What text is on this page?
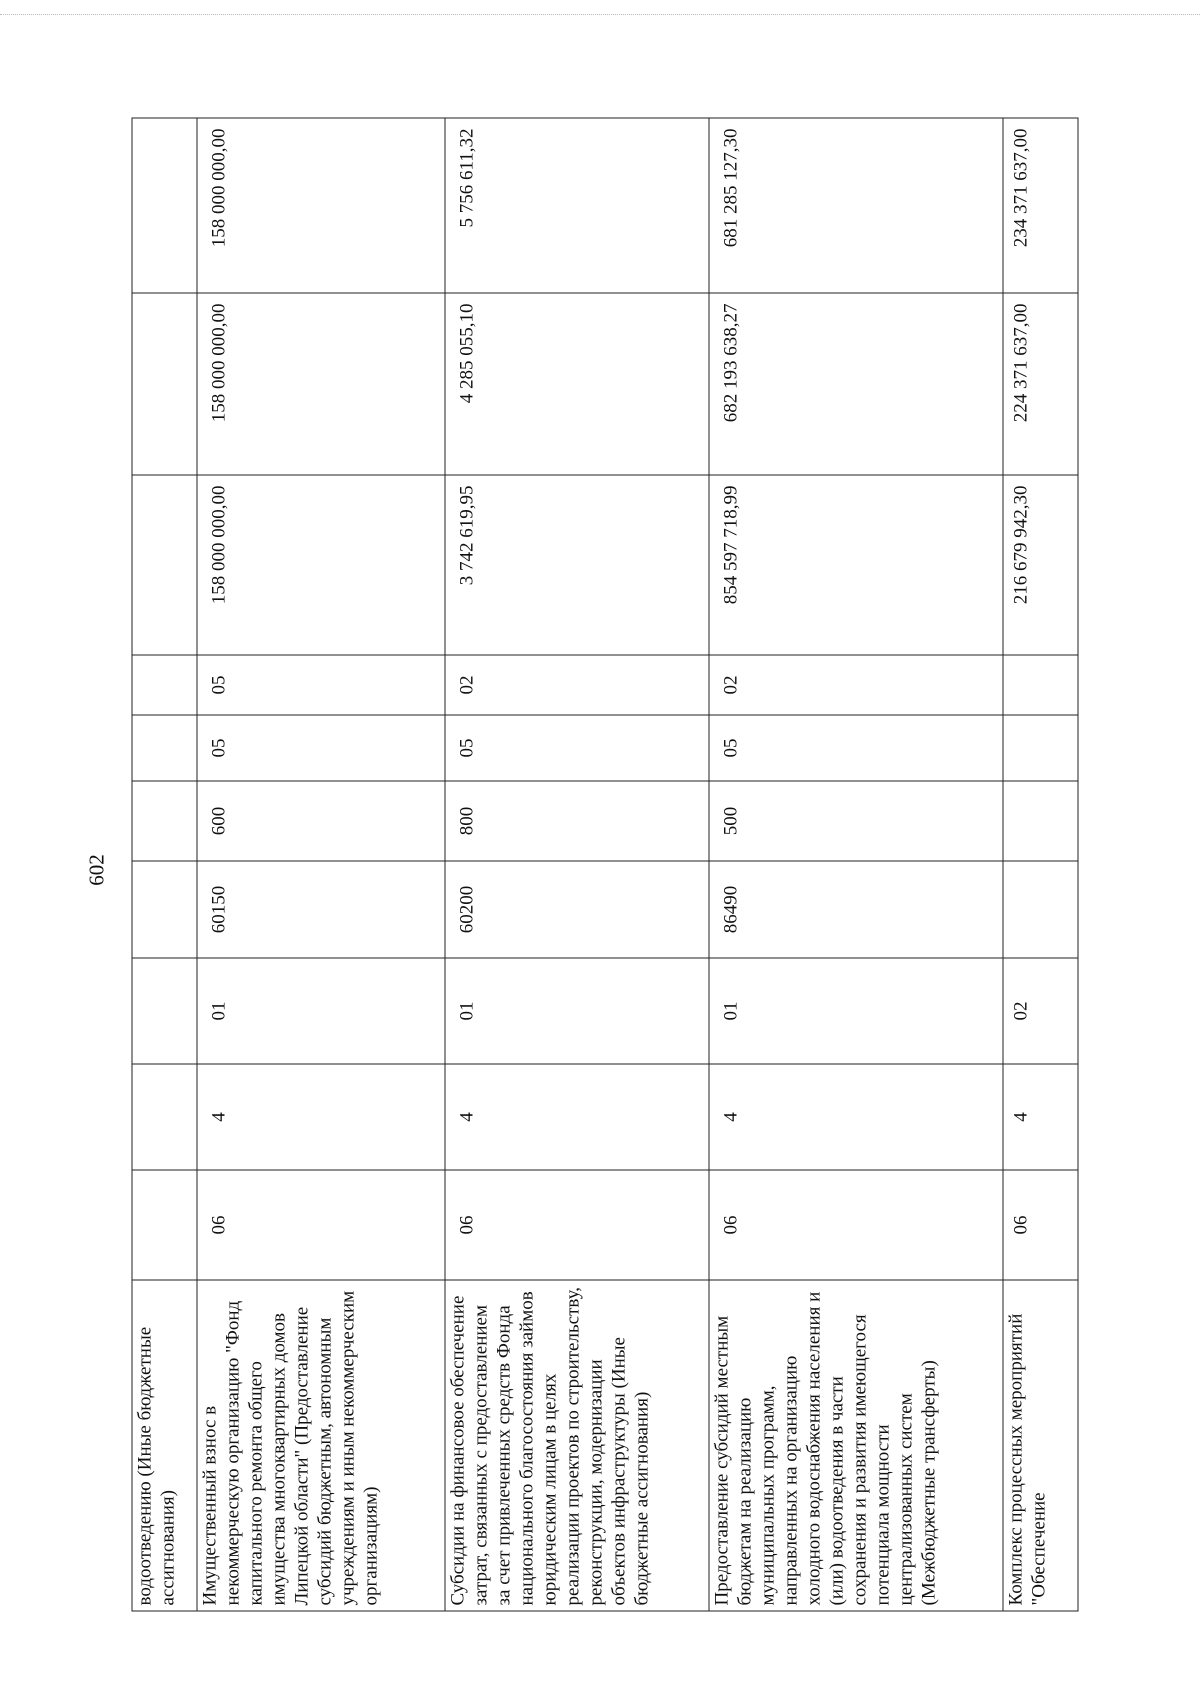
602
водоотведению (Иные бюджетные ассигнования)										
Имущественный взнос в некоммерческую организацию "Фонд капитального ремонта общего имущества многоквартирных домов Липецкой области" (Предоставление субсидий бюджетным, автономным учреждениям и иным некоммерческим организациям)	06	4	01	60150	600	05	05	158 000 000,00	158 000 000,00	158 000 000,00
Субсидии на финансовое обеспечение затрат, связанных с предоставлением за счет привлеченных средств Фонда национального благосостояния займов юридическим лицам в целях реализации проектов по строительству, реконструкции, модернизации объектов инфраструктуры (Иные бюджетные ассигнования)	06	4	01	60200	800	05	02	3 742 619,95	4 285 055,10	5 756 611,32
Предоставление субсидий местным бюджетам на реализацию муниципальных программ, направленных на организацию холодного водоснабжения населения и (или) водоотведения в части сохранения и развития имеющегося потенциала мощности централизованных систем (Межбюджетные трансферты)	06	4	01	86490	500	05	02	854 597 718,99	682 193 638,27	681 285 127,30
Комплекс процессных мероприятий "Обеспечение	06	4	02					216 679 942,30	224 371 637,00	234 371 637,00
